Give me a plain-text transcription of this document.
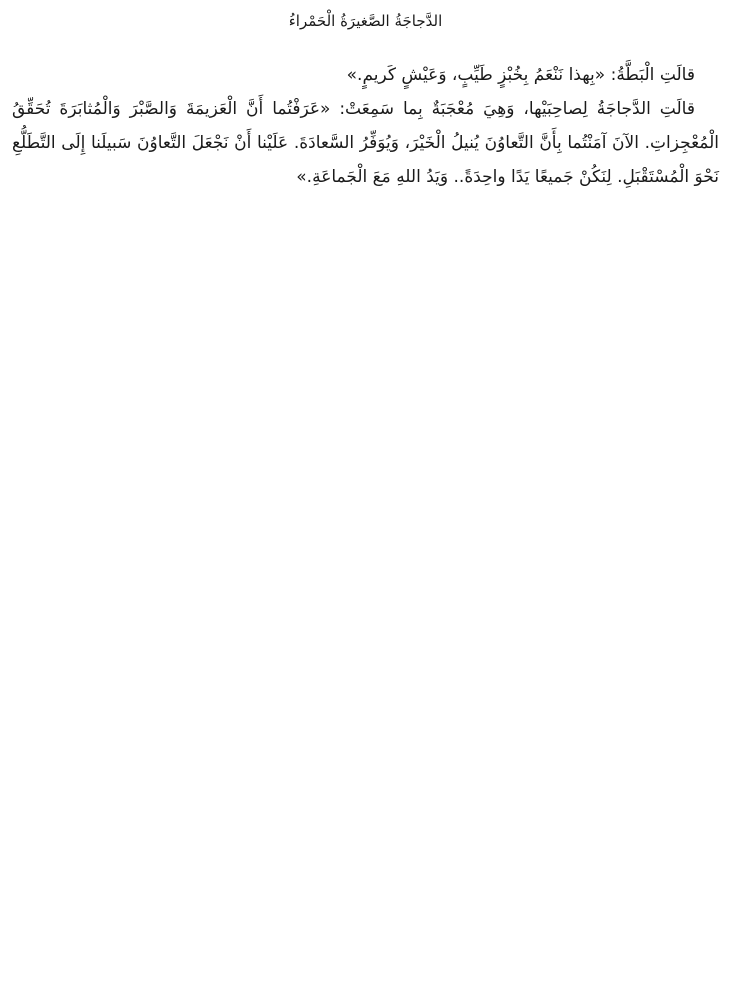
الدَّجاجَةُ الصَّغيرَةُ الْحَمْراءُ

قالَتِ الْبَطَّةُ: «بِهذا نَنْعَمُ بِخُبْزٍ طَيِّبٍ، وَعَيْشٍ كَريمٍ.»

قالَتِ الدَّجاجَةُ لِصاحِبَيْها، وَهِيَ مُعْجَبَةٌ بِما سَمِعَتْ: «عَرَفْتُما أَنَّ الْعَزيمَةَ وَالصَّبْرَ وَالْمُثابَرَةَ تُحَقِّقُ الْمُعْجِزاتِ. الآنَ آمَنْتُما بِأَنَّ التَّعاوُنَ يُنيلُ الْخَيْرَ، وَيُوَفِّرُ السَّعادَةَ. عَلَيْنا أَنْ نَجْعَلَ التَّعاوُنَ سَبيلَنا إِلَى التَّطَلُّعِ نَحْوَ الْمُسْتَقْبَلِ. لِنَكُنْ جَميعًا يَدًا واحِدَةً.. وَيَدُ اللهِ مَعَ الْجَماعَةِ.»
